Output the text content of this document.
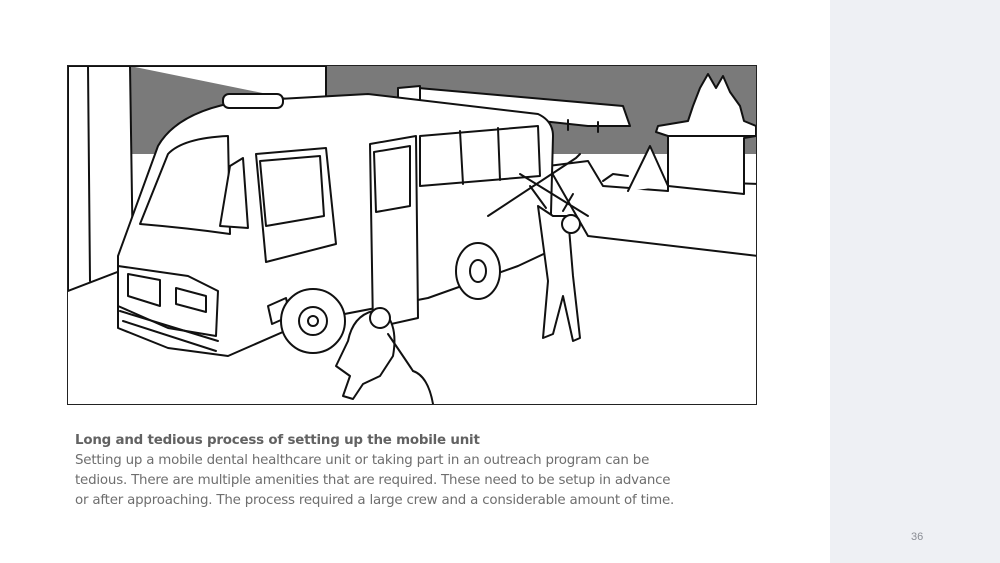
Long and tedious process of setting up the mobile unit
Setting up a mobile dental healthcare unit or taking part in an outreach program can be
tedious. There are multiple amenities that are required. These need to be setup in advance
or after approaching. The process required a large crew and a considerable amount of time.
36
